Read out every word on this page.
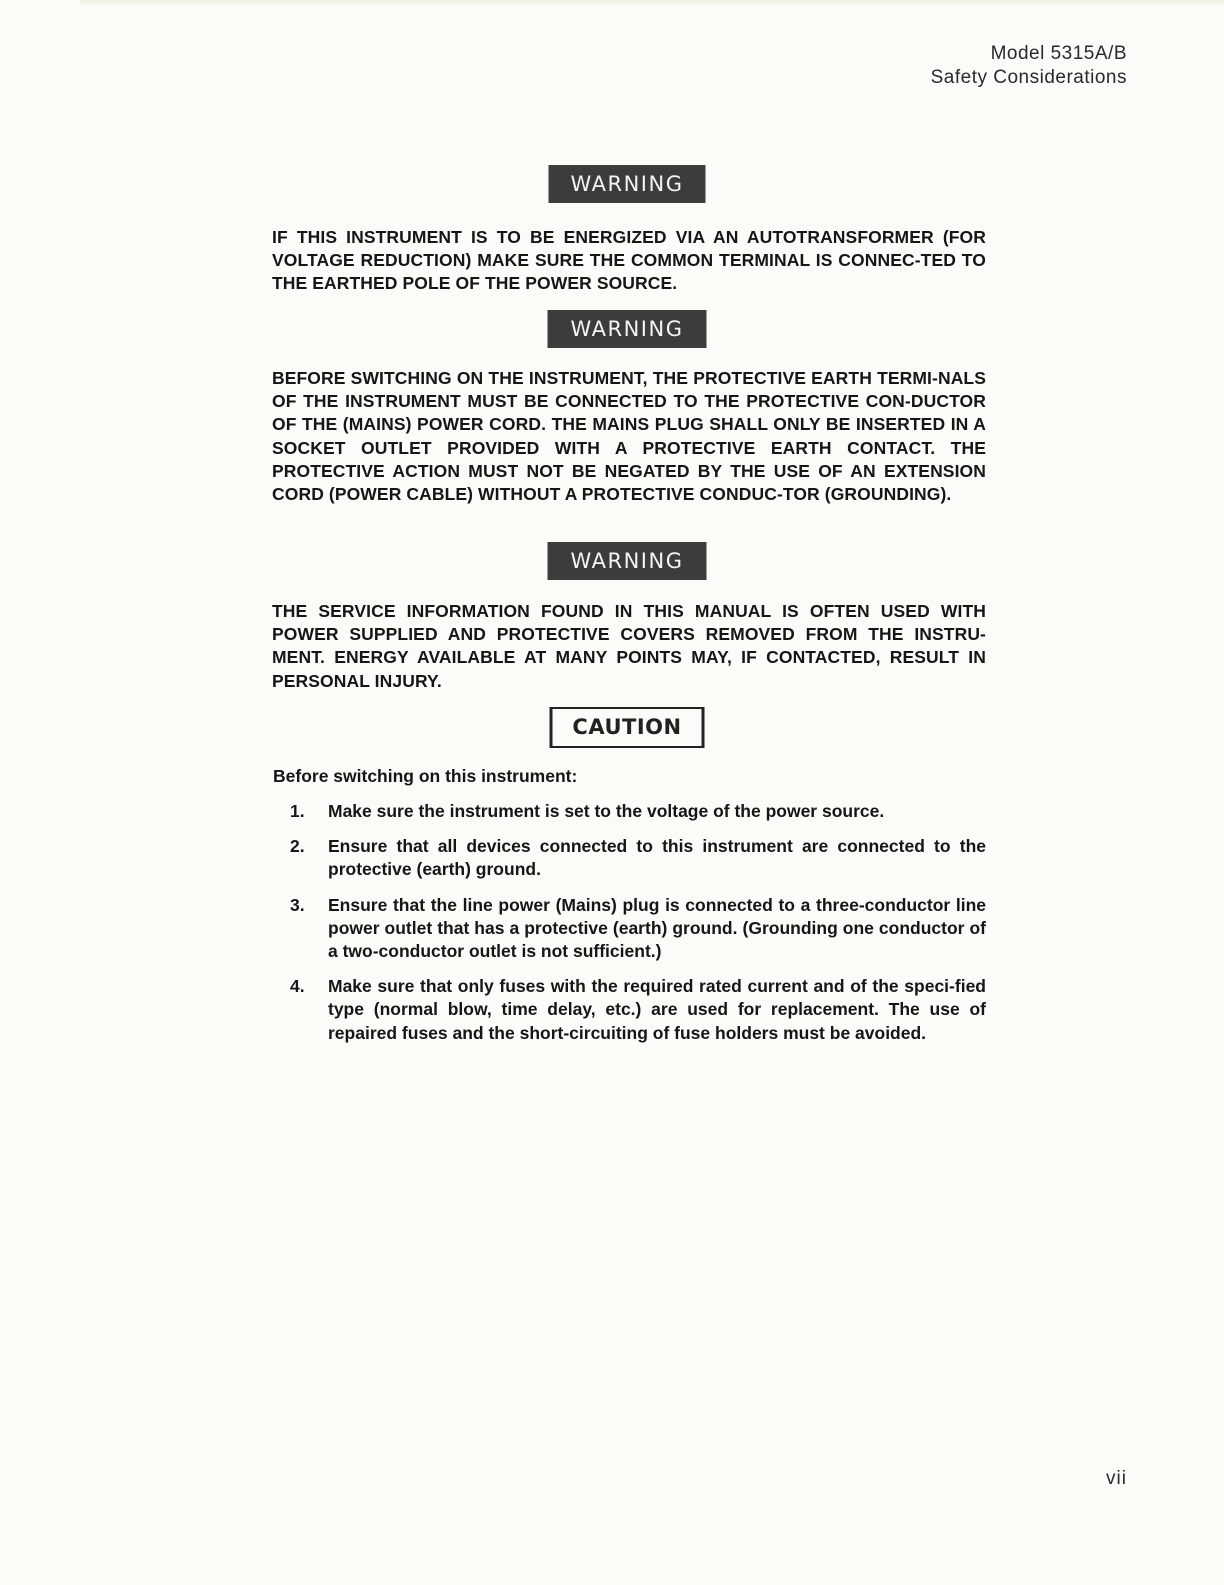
Model 5315A/B
Safety Considerations
WARNING

IF THIS INSTRUMENT IS TO BE ENERGIZED VIA AN AUTOTRANSFORMER (FOR VOLTAGE REDUCTION) MAKE SURE THE COMMON TERMINAL IS CONNEC-TED TO THE EARTHED POLE OF THE POWER SOURCE.

WARNING

BEFORE SWITCHING ON THE INSTRUMENT, THE PROTECTIVE EARTH TERMI-NALS OF THE INSTRUMENT MUST BE CONNECTED TO THE PROTECTIVE CON-DUCTOR OF THE (MAINS) POWER CORD. THE MAINS PLUG SHALL ONLY BE INSERTED IN A SOCKET OUTLET PROVIDED WITH A PROTECTIVE EARTH CONTACT. THE PROTECTIVE ACTION MUST NOT BE NEGATED BY THE USE OF AN EXTENSION CORD (POWER CABLE) WITHOUT A PROTECTIVE CONDUC-TOR (GROUNDING).

WARNING

THE SERVICE INFORMATION FOUND IN THIS MANUAL IS OFTEN USED WITH POWER SUPPLIED AND PROTECTIVE COVERS REMOVED FROM THE INSTRU-MENT. ENERGY AVAILABLE AT MANY POINTS MAY, IF CONTACTED, RESULT IN PERSONAL INJURY.

CAUTION

Before switching on this instrument:

1. Make sure the instrument is set to the voltage of the power source.
2. Ensure that all devices connected to this instrument are connected to the protective (earth) ground.
3. Ensure that the line power (Mains) plug is connected to a three-conductor line power outlet that has a protective (earth) ground. (Grounding one conductor of a two-conductor outlet is not sufficient.)
4. Make sure that only fuses with the required rated current and of the speci-fied type (normal blow, time delay, etc.) are used for replacement. The use of repaired fuses and the short-circuiting of fuse holders must be avoided.
vii
